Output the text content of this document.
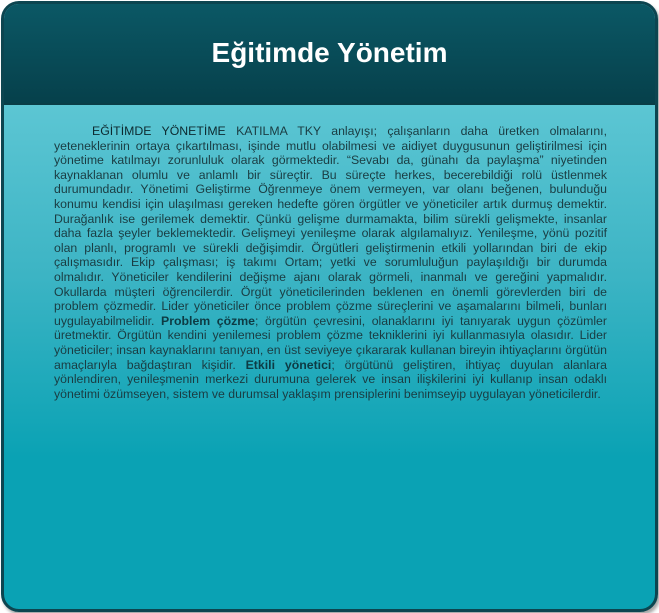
Eğitimde Yönetim

EĞİTİMDE YÖNETİME KATILMA TKY anlayışı; çalışanların daha üretken olmalarını, yeteneklerinin ortaya çıkartılması, işinde mutlu olabilmesi ve aidiyet duygusunun geliştirilmesi için yönetime katılmayı zorunluluk olarak görmektedir. “Sevabı da, günahı da paylaşma” niyetinden kaynaklanan olumlu ve anlamlı bir süreçtir. Bu süreçte herkes, becerebildiği rolü üstlenmek durumundadır. Yönetimi Geliştirme Öğrenmeye önem vermeyen, var olanı beğenen, bulunduğu konumu kendisi için ulaşılması gereken hedefte gören örgütler ve yöneticiler artık durmuş demektir. Durağanlık ise gerilemek demektir. Çünkü gelişme durmamakta, bilim sürekli gelişmekte, insanlar daha fazla şeyler beklemektedir. Gelişmeyi yenileşme olarak algılamalıyız. Yenileşme, yönü pozitif olan planlı, programlı ve sürekli değişimdir. Örgütleri geliştirmenin etkili yollarından biri de ekip çalışmasıdır. Ekip çalışması; iş takımı Ortam; yetki ve sorumluluğun paylaşıldığı bir durumda olmalıdır. Yöneticiler kendilerini değişme ajanı olarak görmeli, inanmalı ve gereğini yapmalıdır. Okullarda müşteri öğrencilerdir. Örgüt yöneticilerinden beklenen en önemli görevlerden biri de problem çözmedir. Lider yöneticiler önce problem çözme süreçlerini ve aşamalarını bilmeli, bunları uygulayabilmelidir. Problem çözme; örgütün çevresini, olanaklarını iyi tanıyarak uygun çözümler üretmektir. Örgütün kendini yenilemesi problem çözme tekniklerini iyi kullanmasıyla olasıdır. Lider yöneticiler; insan kaynaklarını tanıyan, en üst seviyeye çıkararak kullanan bireyin ihtiyaçlarını örgütün amaçlarıyla bağdaştıran kişidir. Etkili yönetici; örgütünü geliştiren, ihtiyaç duyulan alanlara yönlendiren, yenileşmenin merkezi durumuna gelerek ve insan ilişkilerini iyi kullanıp insan odaklı yönetimi özümseyen, sistem ve durumsal yaklaşım prensiplerini benimseyip uygulayan yöneticilerdir.
